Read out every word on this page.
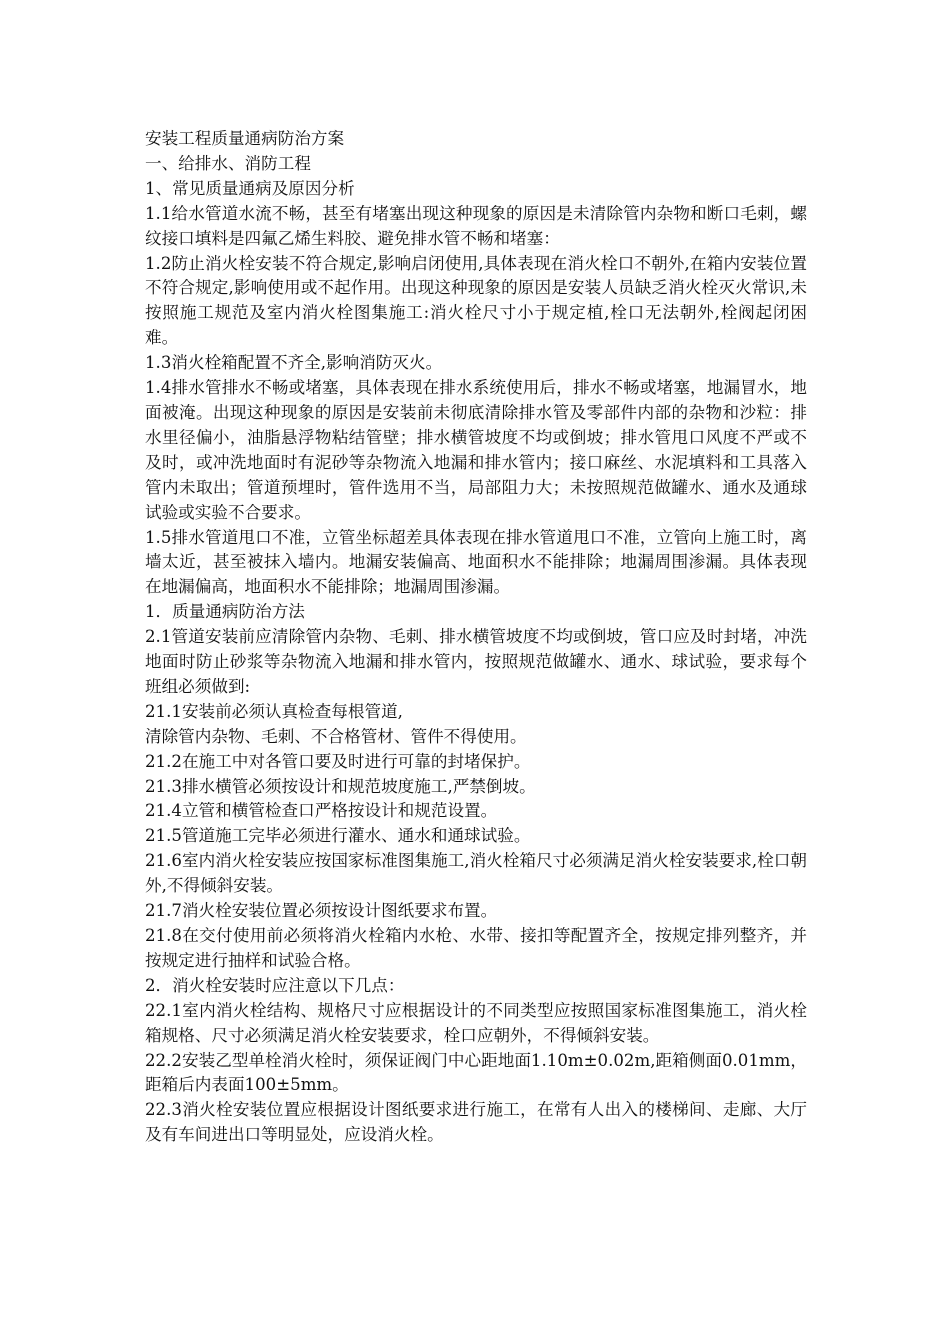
安装工程质量通病防治方案

一、给排水、消防工程

1、常见质量通病及原因分析

1.1给水管道水流不畅，甚至有堵塞出现这种现象的原因是未清除管内杂物和断口毛刺，螺纹接口填料是四氟乙烯生料胶、避免排水管不畅和堵塞：

1.2防止消火栓安装不符合规定,影响启闭使用,具体表现在消火栓口不朝外,在箱内安装位置不符合规定,影响使用或不起作用。出现这种现象的原因是安装人员缺乏消火栓灭火常识,未按照施工规范及室内消火栓图集施工:消火栓尺寸小于规定植,栓口无法朝外,栓阀起闭困难。

1.3消火栓箱配置不齐全,影响消防灭火。

1.4排水管排水不畅或堵塞，具体表现在排水系统使用后，排水不畅或堵塞，地漏冒水，地面被淹。出现这种现象的原因是安装前未彻底清除排水管及零部件内部的杂物和沙粒：排水里径偏小，油脂悬浮物粘结管壁；排水横管坡度不均或倒坡；排水管甩口风度不严或不及时，或冲洗地面时有泥砂等杂物流入地漏和排水管内；接口麻丝、水泥填料和工具落入管内未取出；管道预埋时，管件选用不当，局部阻力大；未按照规范做罐水、通水及通球试验或实验不合要求。

1.5排水管道甩口不准，立管坐标超差具体表现在排水管道甩口不准，立管向上施工时，离墙太近，甚至被抹入墙内。地漏安装偏高、地面积水不能排除；地漏周围渗漏。具体表现在地漏偏高，地面积水不能排除；地漏周围渗漏。

1．质量通病防治方法

2.1管道安装前应清除管内杂物、毛刺、排水横管坡度不均或倒坡，管口应及时封堵，冲洗地面时防止砂浆等杂物流入地漏和排水管内，按照规范做罐水、通水、球试验，要求每个班组必须做到:

21.1安装前必须认真检查每根管道,

清除管内杂物、毛刺、不合格管材、管件不得使用。

21.2在施工中对各管口要及时进行可靠的封堵保护。

21.3排水横管必须按设计和规范坡度施工,严禁倒坡。

21.4立管和横管检查口严格按设计和规范设置。

21.5管道施工完毕必须进行灌水、通水和通球试验。

21.6室内消火栓安装应按国家标准图集施工,消火栓箱尺寸必须满足消火栓安装要求,栓口朝外,不得倾斜安装。

21.7消火栓安装位置必须按设计图纸要求布置。

21.8在交付使用前必须将消火栓箱内水枪、水带、接扣等配置齐全，按规定排列整齐，并按规定进行抽样和试验合格。

2．消火栓安装时应注意以下几点：

22.1室内消火栓结构、规格尺寸应根据设计的不同类型应按照国家标准图集施工，消火栓箱规格、尺寸必须满足消火栓安装要求，栓口应朝外，不得倾斜安装。

22.2安装乙型单栓消火栓时，须保证阀门中心距地面1.10m±0.02m,距箱侧面0.01mm，距箱后内表面100±5mm。

22.3消火栓安装位置应根据设计图纸要求进行施工，在常有人出入的楼梯间、走廊、大厅及有车间进出口等明显处，应设消火栓。
